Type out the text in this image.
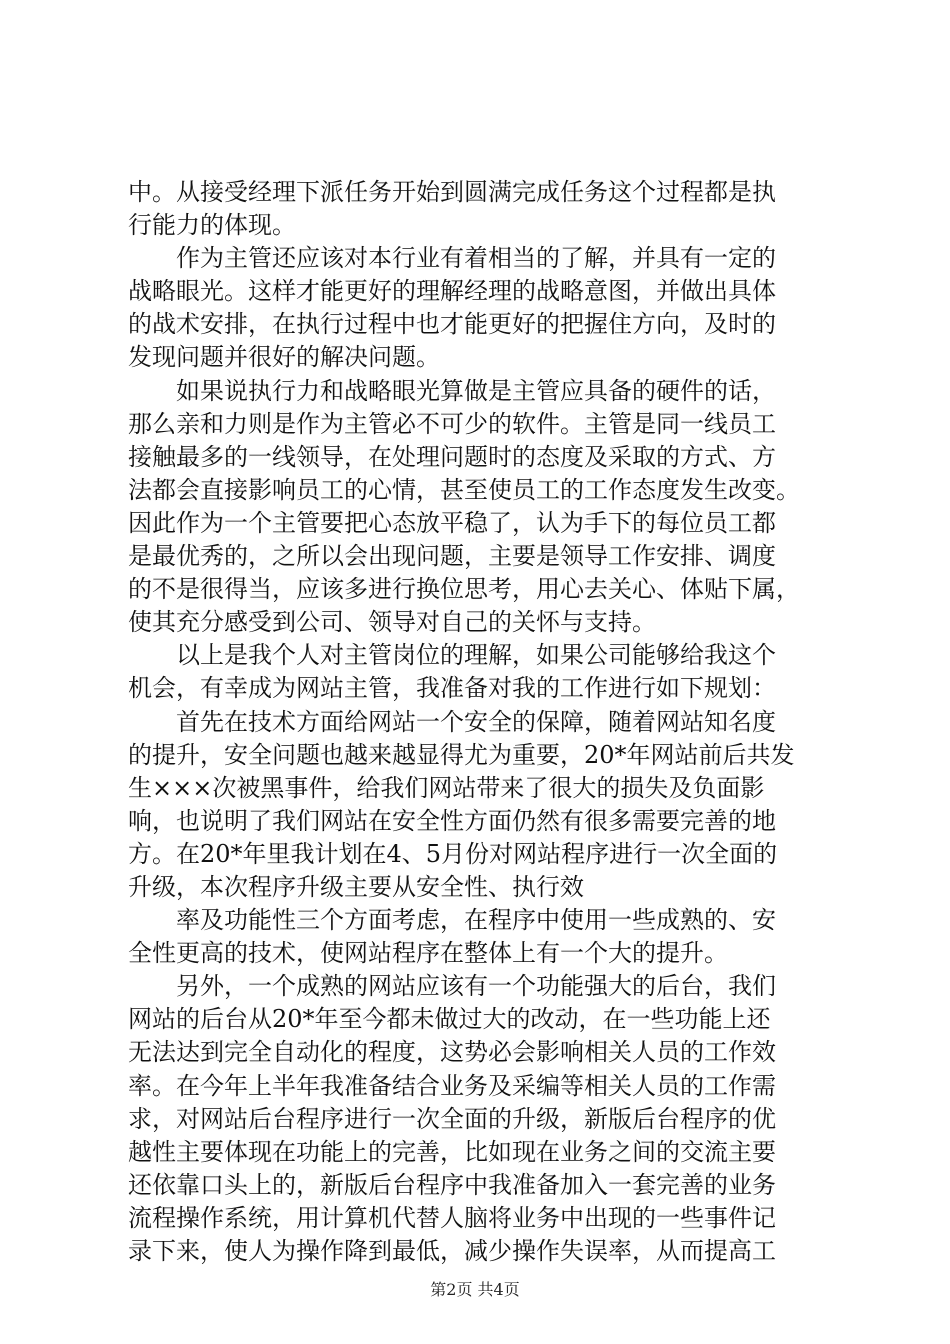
中。从接受经理下派任务开始到圆满完成任务这个过程都是执
行能力的体现。
　　作为主管还应该对本行业有着相当的了解，并具有一定的
战略眼光。这样才能更好的理解经理的战略意图，并做出具体
的战术安排，在执行过程中也才能更好的把握住方向，及时的
发现问题并很好的解决问题。
　　如果说执行力和战略眼光算做是主管应具备的硬件的话，
那么亲和力则是作为主管必不可少的软件。主管是同一线员工
接触最多的一线领导，在处理问题时的态度及采取的方式、方
法都会直接影响员工的心情，甚至使员工的工作态度发生改变。
因此作为一个主管要把心态放平稳了，认为手下的每位员工都
是最优秀的，之所以会出现问题，主要是领导工作安排、调度
的不是很得当，应该多进行换位思考，用心去关心、体贴下属，
使其充分感受到公司、领导对自己的关怀与支持。
　　以上是我个人对主管岗位的理解，如果公司能够给我这个
机会，有幸成为网站主管，我准备对我的工作进行如下规划：
　　首先在技术方面给网站一个安全的保障，随着网站知名度
的提升，安全问题也越来越显得尤为重要，20*年网站前后共发
生×××次被黑事件，给我们网站带来了很大的损失及负面影
响，也说明了我们网站在安全性方面仍然有很多需要完善的地
方。在20*年里我计划在4、5月份对网站程序进行一次全面的
升级，本次程序升级主要从安全性、执行效
　　率及功能性三个方面考虑，在程序中使用一些成熟的、安
全性更高的技术，使网站程序在整体上有一个大的提升。
　　另外，一个成熟的网站应该有一个功能强大的后台，我们
网站的后台从20*年至今都未做过大的改动，在一些功能上还
无法达到完全自动化的程度，这势必会影响相关人员的工作效
率。在今年上半年我准备结合业务及采编等相关人员的工作需
求，对网站后台程序进行一次全面的升级，新版后台程序的优
越性主要体现在功能上的完善，比如现在业务之间的交流主要
还依靠口头上的，新版后台程序中我准备加入一套完善的业务
流程操作系统，用计算机代替人脑将业务中出现的一些事件记
录下来，使人为操作降到最低，减少操作失误率，从而提高工
第2页 共4页
